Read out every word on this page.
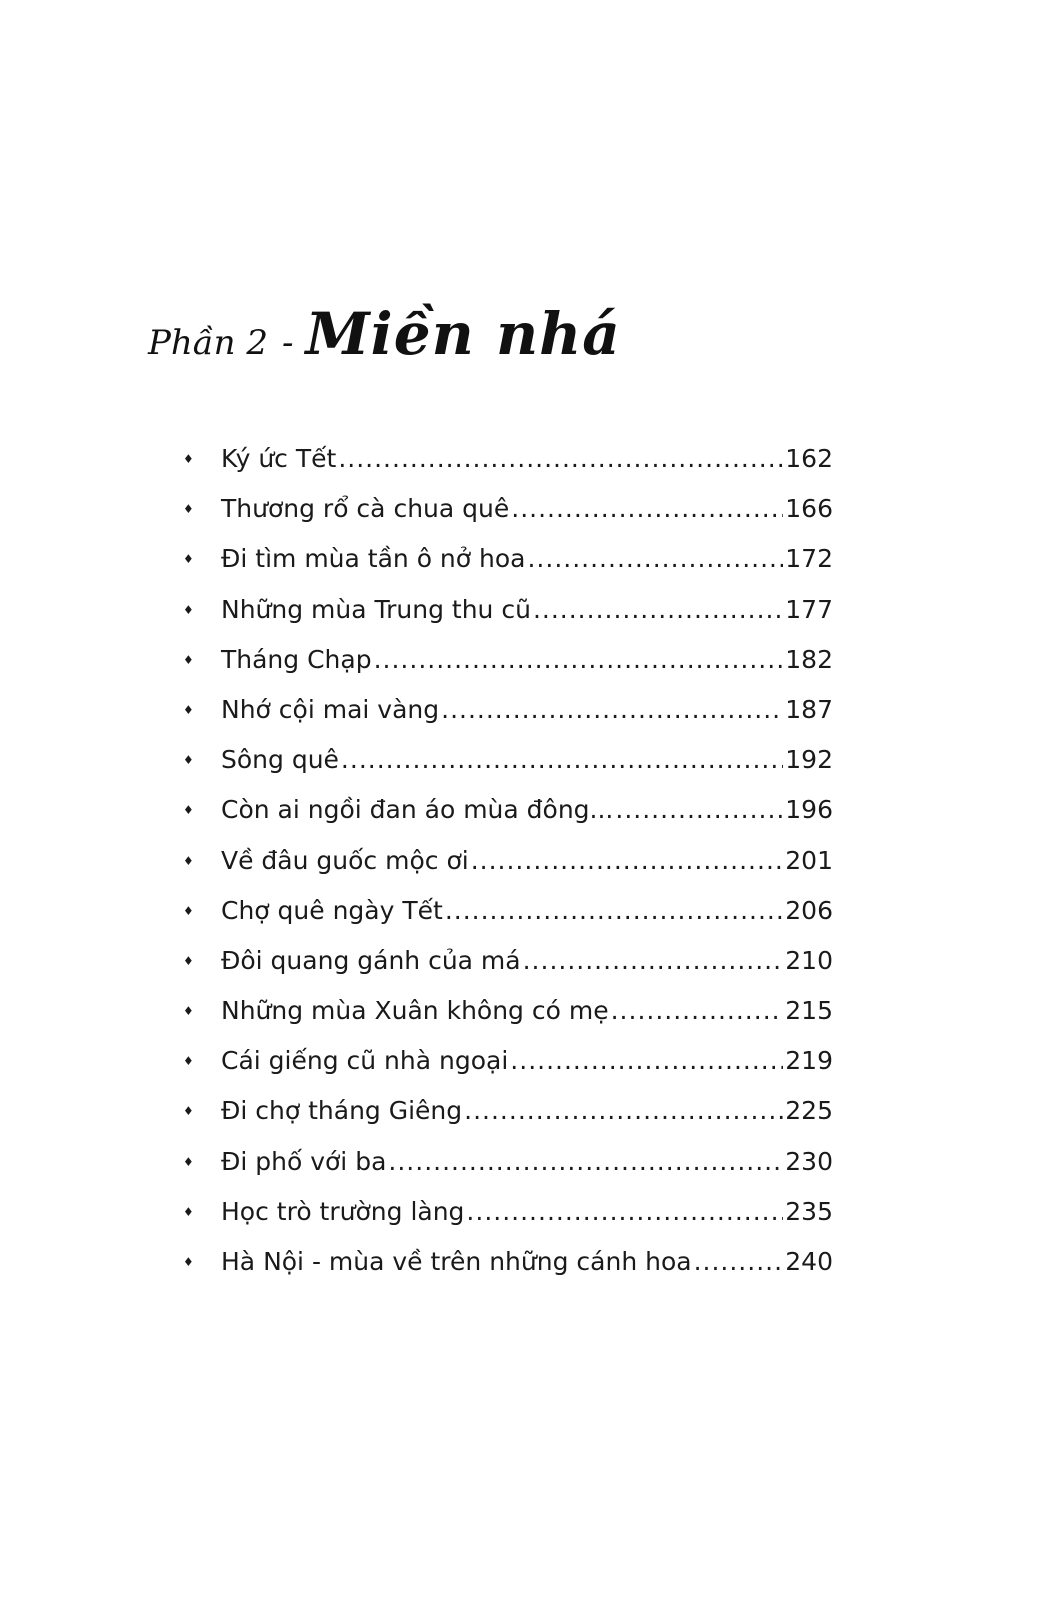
Phần 2 - Miền nhá
♦	Ký ức Tết .....	162
♦	Thương rổ cà chua quê .....	166
♦	Đi tìm mùa tần ô nở hoa .....	172
♦	Những mùa Trung thu cũ .....	177
♦	Tháng Chạp .....	182
♦	Nhớ cội mai vàng .....	187
♦	Sông quê .....	192
♦	Còn ai ngồi đan áo mùa đông... .....	196
♦	Về đâu guốc mộc ơi .....	201
♦	Chợ quê ngày Tết .....	206
♦	Đôi quang gánh của má .....	210
♦	Những mùa Xuân không có mẹ .....	215
♦	Cái giếng cũ nhà ngoại .....	219
♦	Đi chợ tháng Giêng .....	225
♦	Đi phố với ba .....	230
♦	Học trò trường làng .....	235
♦	Hà Nội - mùa về trên những cánh hoa .....	240
